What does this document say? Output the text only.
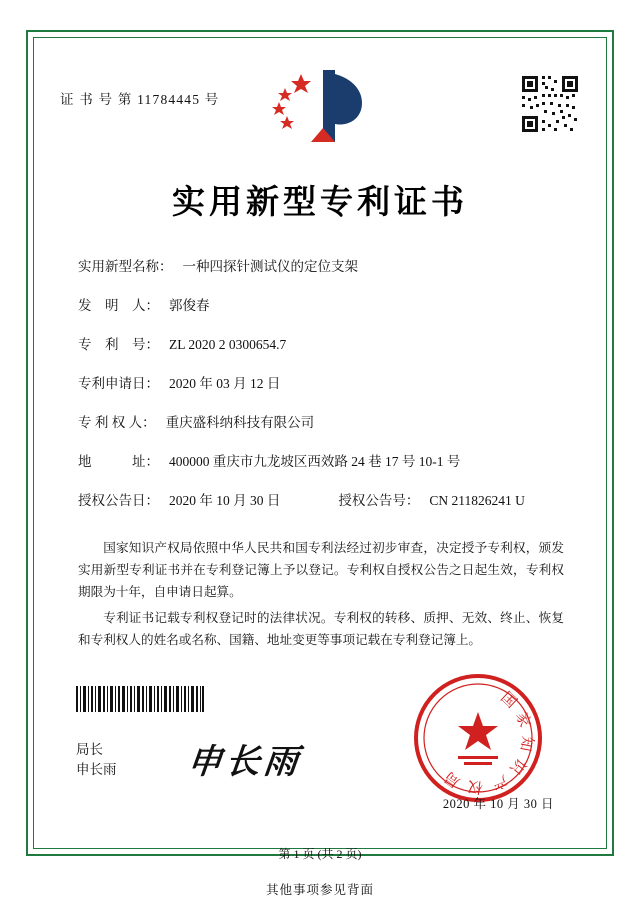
证 书 号 第 11784445 号
实用新型专利证书
实用新型名称： 一种四探针测试仪的定位支架
发　明　人： 郭俊春
专　利　号： ZL 2020 2 0300654.7
专利申请日： 2020 年 03 月 12 日
专 利 权 人： 重庆盛科纳科技有限公司
地　　　址： 400000 重庆市九龙坡区西效路 24 巷 17 号 10-1 号
授权公告日： 2020 年 10 月 30 日	授权公告号： CN 211826241 U

国家知识产权局依照中华人民共和国专利法经过初步审查，决定授予专利权，颁发实用新型专利证书并在专利登记簿上予以登记。专利权自授权公告之日起生效，专利权期限为十年，自申请日起算。

专利证书记载专利权登记时的法律状况。专利权的转移、质押、无效、终止、恢复和专利权人的姓名或名称、国籍、地址变更等事项记载在专利登记簿上。

局长
申长雨 申长雨
国家知识产权局
2020 年 10 月 30 日
第 1 页 (共 2 页)
其他事项参见背面
